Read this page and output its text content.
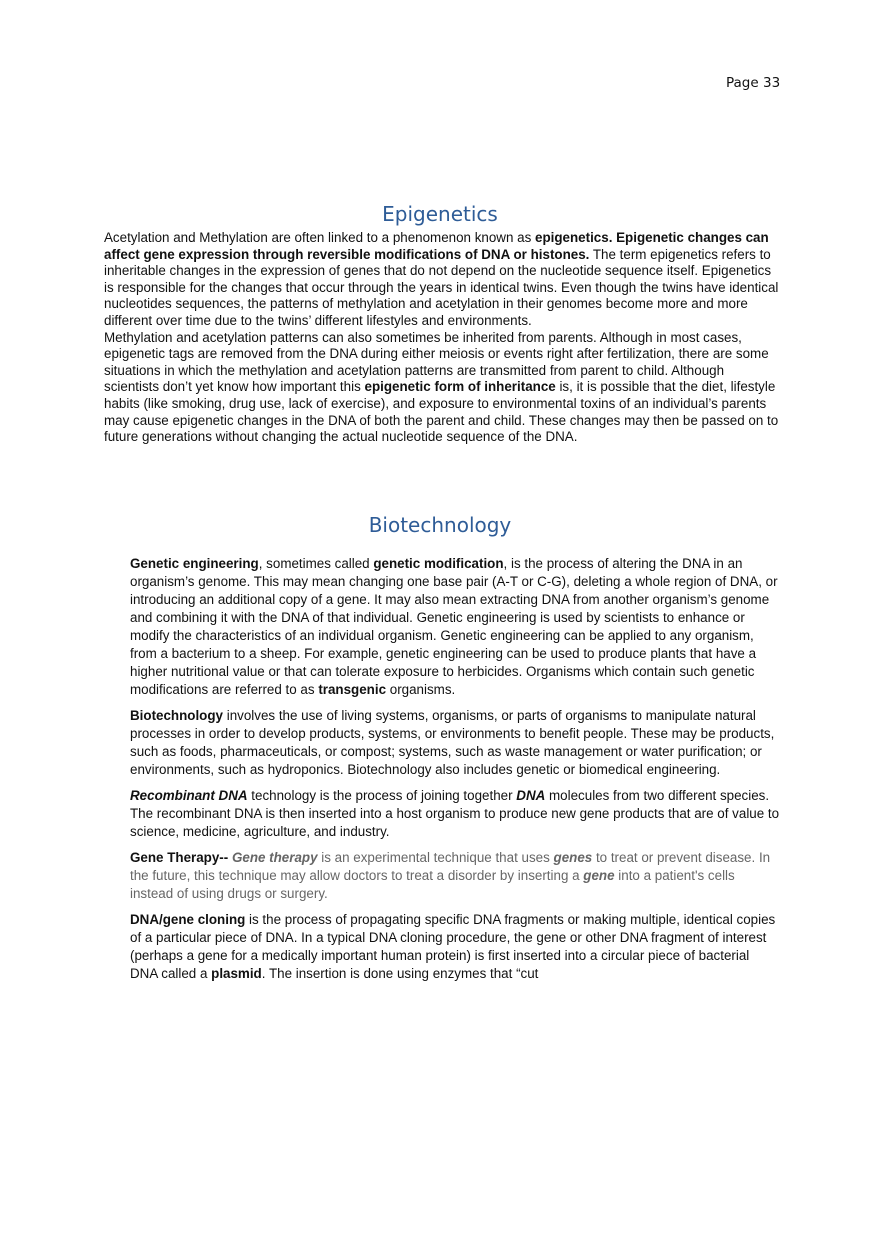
Page 33
Epigenetics

Acetylation and Methylation are often linked to a phenomenon known as epigenetics. Epigenetic changes can affect gene expression through reversible modifications of DNA or histones. The term epigenetics refers to inheritable changes in the expression of genes that do not depend on the nucleotide sequence itself. Epigenetics is responsible for the changes that occur through the years in identical twins. Even though the twins have identical nucleotides sequences, the patterns of methylation and acetylation in their genomes become more and more different over time due to the twins’ different lifestyles and environments.

Methylation and acetylation patterns can also sometimes be inherited from parents. Although in most cases, epigenetic tags are removed from the DNA during either meiosis or events right after fertilization, there are some situations in which the methylation and acetylation patterns are transmitted from parent to child. Although scientists don’t yet know how important this epigenetic form of inheritance is, it is possible that the diet, lifestyle habits (like smoking, drug use, lack of exercise), and exposure to environmental toxins of an individual’s parents may cause epigenetic changes in the DNA of both the parent and child. These changes may then be passed on to future generations without changing the actual nucleotide sequence of the DNA.

Biotechnology

Genetic engineering, sometimes called genetic modification, is the process of altering the DNA in an organism’s genome. This may mean changing one base pair (A-T or C-G), deleting a whole region of DNA, or introducing an additional copy of a gene. It may also mean extracting DNA from another organism’s genome and combining it with the DNA of that individual. Genetic engineering is used by scientists to enhance or modify the characteristics of an individual organism. Genetic engineering can be applied to any organism, from a bacterium to a sheep. For example, genetic engineering can be used to produce plants that have a higher nutritional value or that can tolerate exposure to herbicides. Organisms which contain such genetic modifications are referred to as transgenic organisms.

Biotechnology involves the use of living systems, organisms, or parts of organisms to manipulate natural processes in order to develop products, systems, or environments to benefit people. These may be products, such as foods, pharmaceuticals, or compost; systems, such as waste management or water purification; or environments, such as hydroponics. Biotechnology also includes genetic or biomedical engineering.

Recombinant DNA technology is the process of joining together DNA molecules from two different species. The recombinant DNA is then inserted into a host organism to produce new gene products that are of value to science, medicine, agriculture, and industry.

Gene Therapy-- Gene therapy is an experimental technique that uses genes to treat or prevent disease. In the future, this technique may allow doctors to treat a disorder by inserting a gene into a patient's cells instead of using drugs or surgery.

DNA/gene cloning is the process of propagating specific DNA fragments or making multiple, identical copies of a particular piece of DNA. In a typical DNA cloning procedure, the gene or other DNA fragment of interest (perhaps a gene for a medically important human protein) is first inserted into a circular piece of bacterial DNA called a plasmid. The insertion is done using enzymes that “cut
